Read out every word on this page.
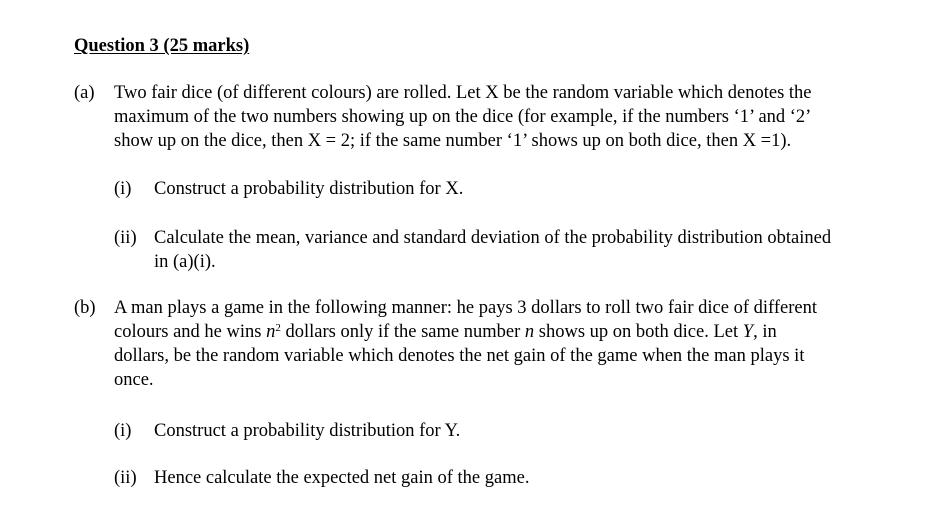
Question 3 (25 marks)
(a)	Two fair dice (of different colours) are rolled. Let X be the random variable which denotes the
maximum of the two numbers showing up on the dice (for example, if the numbers ‘1’ and ‘2’
show up on the dice, then X = 2; if the same number ‘1’ shows up on both dice, then X =1).
(i)	Construct a probability distribution for X.
(ii) Calculate the mean, variance and standard deviation of the probability distribution obtained
in (a)(i).
(b) A man plays a game in the following manner: he pays 3 dollars to roll two fair dice of different
colours and he wins $n^2$ dollars only if the same number n shows up on both dice. Let Y, in
dollars, be the random variable which denotes the net gain of the game when the man plays it
once.
(i)	Construct a probability distribution for Y.
(ii) Hence calculate the expected net gain of the game.
